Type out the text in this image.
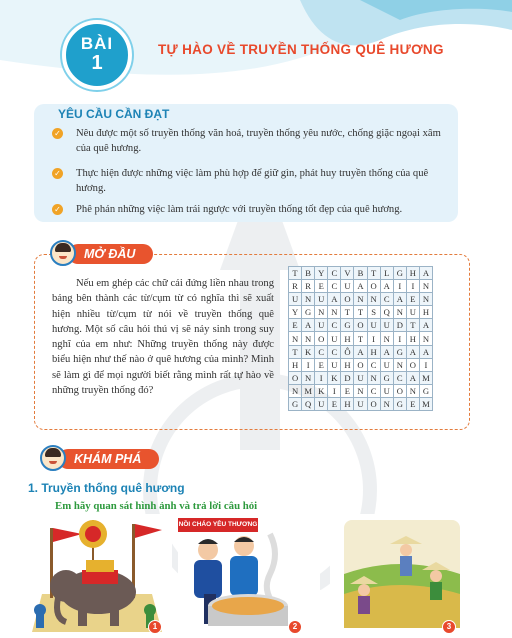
BÀI
1
TỰ HÀO VỀ TRUYỀN THỐNG QUÊ HƯƠNG
YÊU CẦU CẦN ĐẠT
✓	Nêu được một số truyền thống văn hoá, truyền thống yêu nước, chống giặc ngoại xâm của quê hương.
✓	Thực hiện được những việc làm phù hợp để giữ gìn, phát huy truyền thống của quê hương.
✓	Phê phán những việc làm trái ngược với truyền thống tốt đẹp của quê hương.
MỞ ĐẦU
Nếu em ghép các chữ cái đứng liền nhau trong bảng bên thành các từ/cụm từ có nghĩa thì sẽ xuất hiện nhiều từ/cụm từ nói về truyền thống quê hương. Một số câu hỏi thú vị sẽ nảy sinh trong suy nghĩ của em như: Những truyền thống này được biểu hiện như thế nào ở quê hương của mình? Mình sẽ làm gì để mọi người biết rằng mình rất tự hào về những truyền thống đó?
T	B	Y	C	V	B	T	L	G	H	A
R	R	E	C	U	A	O	A	I	I	N
U	N	U	A	O	N	N	C	A	E	N
Y	G	N	N	T	T	S	Q	N	U	H
E	A	U	C	G	O	U	U	D	T	A
N	N	O	U	H	T	I	N	I	H	N
T	K	C	C	Ô	A	H	A	G	A	A
H	I	E	U	H	O	C	U	N	O	I
O	N	I	K	D	U	N	G	C	A	M
N	M	K	I	E	N	C	U	O	N	G
G	Q	U	E	H	U	O	N	G	E	M
KHÁM PHÁ
1. Truyền thống quê hương
Em hãy quan sát hình ảnh và trả lời câu hỏi
1
NỒI CHÁO YÊU THƯƠNG
2	3
